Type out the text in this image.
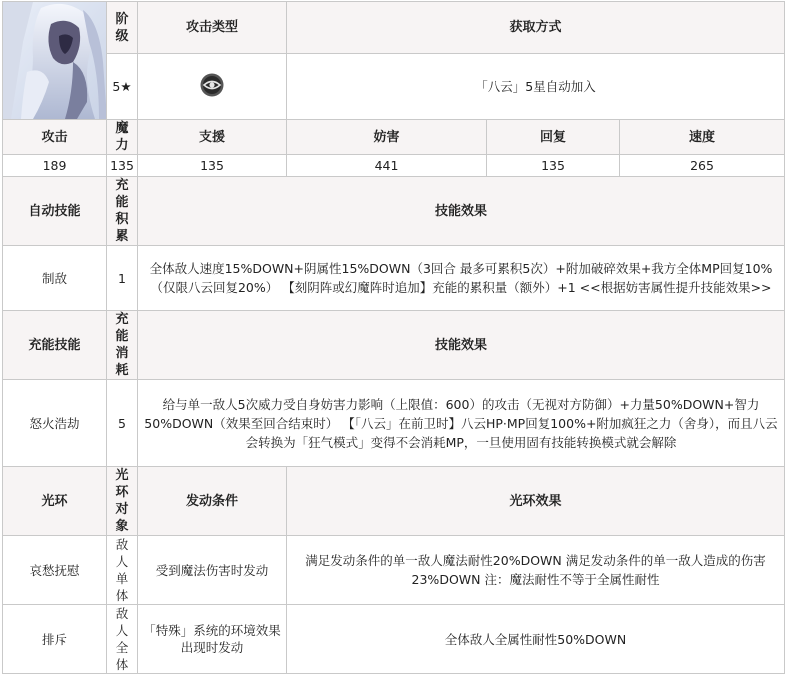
	阶级	攻击类型	获取方式		
	5★		「八云」5星自动加入		
攻击	魔力	支援	妨害	回复	速度
189	135	135	441	135	265
自动技能	充能积累	技能效果			
制敌	1	全体敌人速度15%DOWN+阴属性15%DOWN（3回合 最多可累积5次）+附加破碎效果+我方全体MP回复10%（仅限八云回复20%） 【刻阴阵或幻魔阵时追加】充能的累积量（额外）+1 <<根据妨害属性提升技能效果>>			
充能技能	充能消耗	技能效果			
怒火浩劫	5	给与单一敌人5次威力受自身妨害力影响（上限值：600）的攻击（无视对方防御）+力量50%DOWN+智力50%DOWN（效果至回合结束时） 【「八云」在前卫时】八云HP·MP回复100%+附加疯狂之力（舍身），而且八云会转换为「狂气模式」变得不会消耗MP，一旦使用固有技能转换模式就会解除			
光环	光环对象	发动条件	光环效果		
哀愁抚慰	敌人单体	受到魔法伤害时发动	满足发动条件的单一敌人魔法耐性20%DOWN 满足发动条件的单一敌人造成的伤害23%DOWN 注：魔法耐性不等于全属性耐性		
排斥	敌人全体	「特殊」系统的环境效果出现时发动	全体敌人全属性耐性50%DOWN		
